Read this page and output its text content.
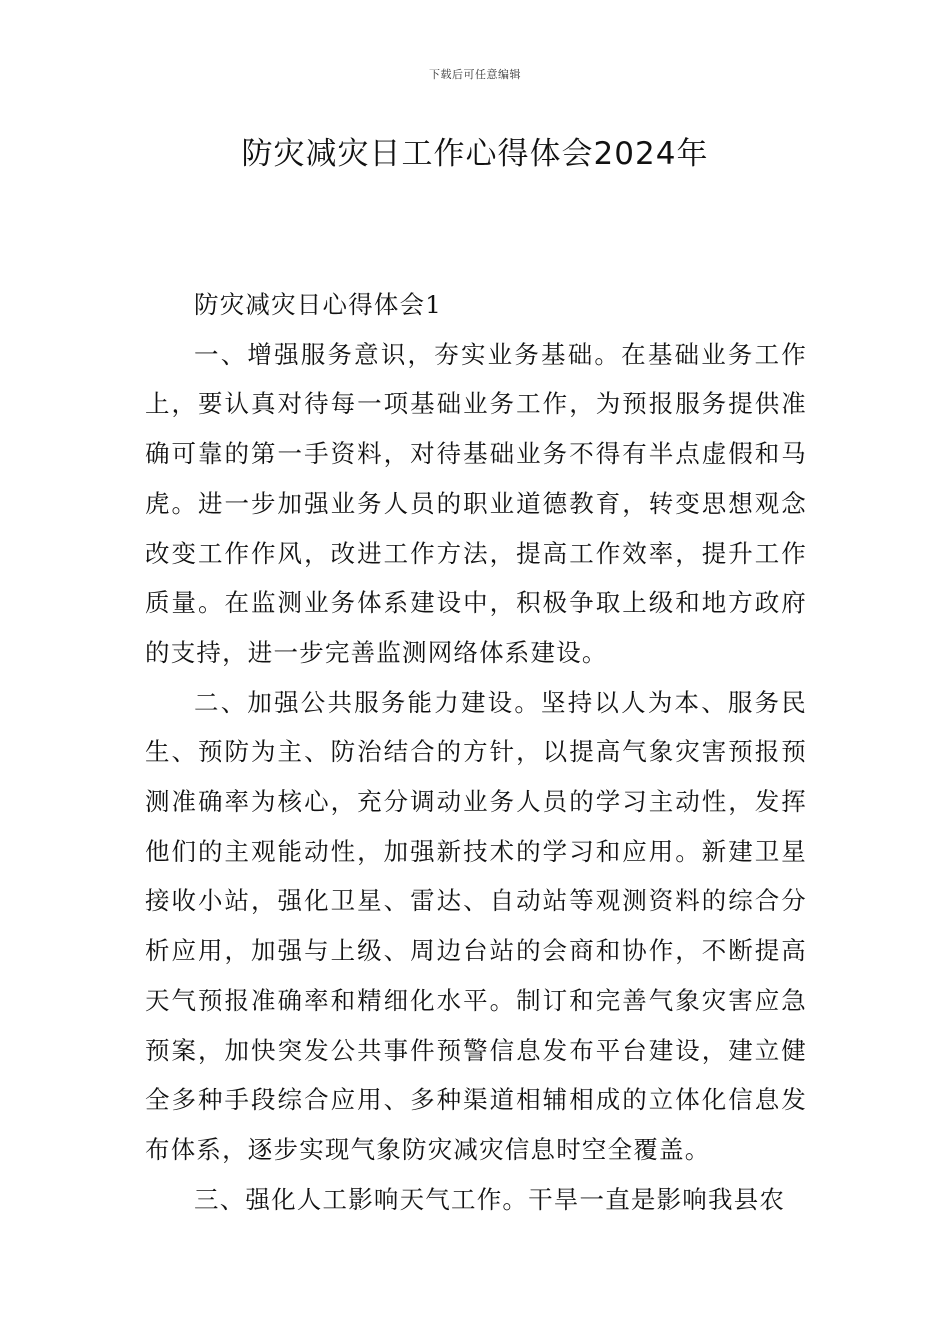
下载后可任意编辑
防灾减灾日工作心得体会2024年

防灾减灾日心得体会1

一、增强服务意识，夯实业务基础。在基础业务工作上，要认真对待每一项基础业务工作，为预报服务提供准确可靠的第一手资料，对待基础业务不得有半点虚假和马虎。进一步加强业务人员的职业道德教育，转变思想观念改变工作作风，改进工作方法，提高工作效率，提升工作质量。在监测业务体系建设中，积极争取上级和地方政府的支持，进一步完善监测网络体系建设。

二、加强公共服务能力建设。坚持以人为本、服务民生、预防为主、防治结合的方针，以提高气象灾害预报预测准确率为核心，充分调动业务人员的学习主动性，发挥他们的主观能动性，加强新技术的学习和应用。新建卫星接收小站，强化卫星、雷达、自动站等观测资料的综合分析应用，加强与上级、周边台站的会商和协作，不断提高天气预报准确率和精细化水平。制订和完善气象灾害应急预案，加快突发公共事件预警信息发布平台建设，建立健全多种手段综合应用、多种渠道相辅相成的立体化信息发布体系，逐步实现气象防灾减灾信息时空全覆盖。

三、强化人工影响天气工作。干旱一直是影响我县农
